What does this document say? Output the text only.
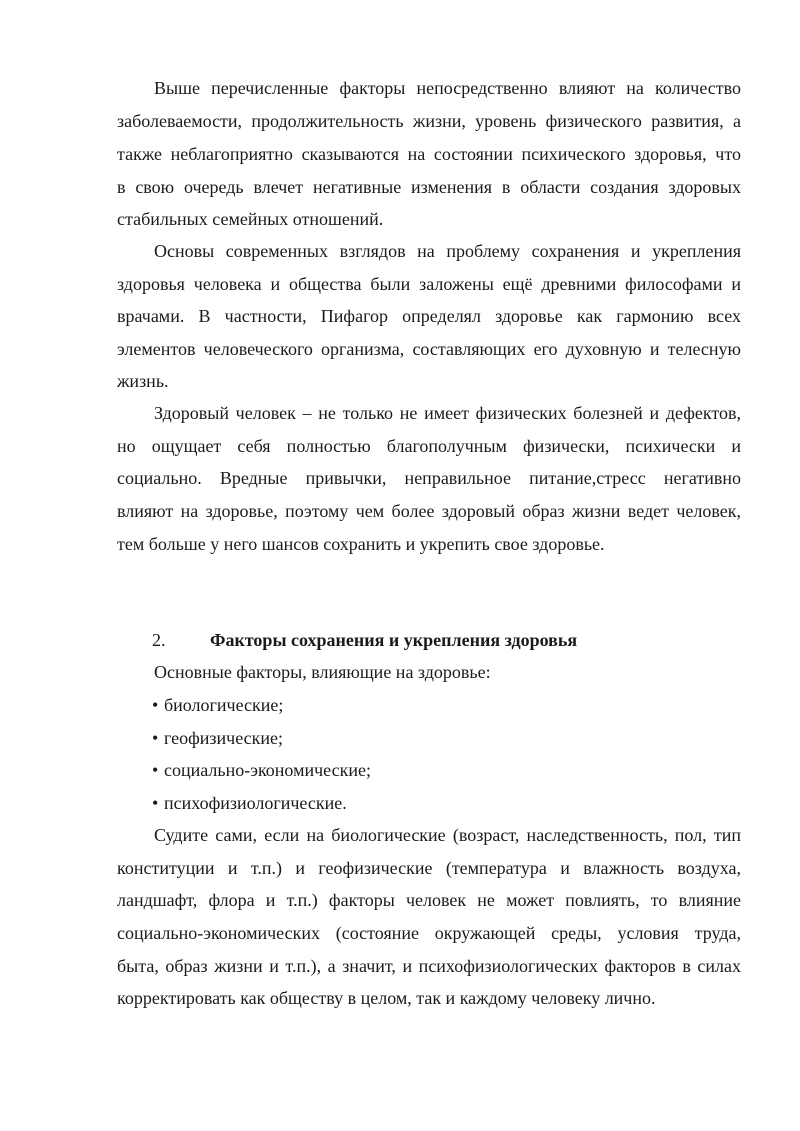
Выше перечисленные факторы непосредственно влияют на количество
заболеваемости, продолжительность жизни, уровень физического развития, а
также неблагоприятно сказываются на состоянии психического здоровья, что
в свою очередь влечет негативные изменения в области создания здоровых
стабильных семейных отношений.
Основы современных взглядов на проблему сохранения и укрепления
здоровья человека и общества были заложены ещё древними философами и
врачами. В частности, Пифагор определял здоровье как гармонию всех
элементов человеческого организма, составляющих его духовную и телесную
жизнь.
Здоровый человек – не только не имеет физических болезней и дефектов,
но ощущает себя полностью благополучным физически, психически и
социально. Вредные привычки, неправильное питание,стресс негативно
влияют на здоровье, поэтому чем более здоровый образ жизни ведет человек,
тем больше у него шансов сохранить и укрепить свое здоровье.
2. Факторы сохранения и укрепления здоровья
Основные факторы, влияющие на здоровье:
• биологические;
• геофизические;
• социально-экономические;
• психофизиологические.
Судите сами, если на биологические (возраст, наследственность, пол, тип
конституции и т.п.) и геофизические (температура и влажность воздуха,
ландшафт, флора и т.п.) факторы человек не может повлиять, то влияние
социально-экономических (состояние окружающей среды, условия труда,
быта, образ жизни и т.п.), а значит, и психофизиологических факторов в силах
корректировать как обществу в целом, так и каждому человеку лично.
